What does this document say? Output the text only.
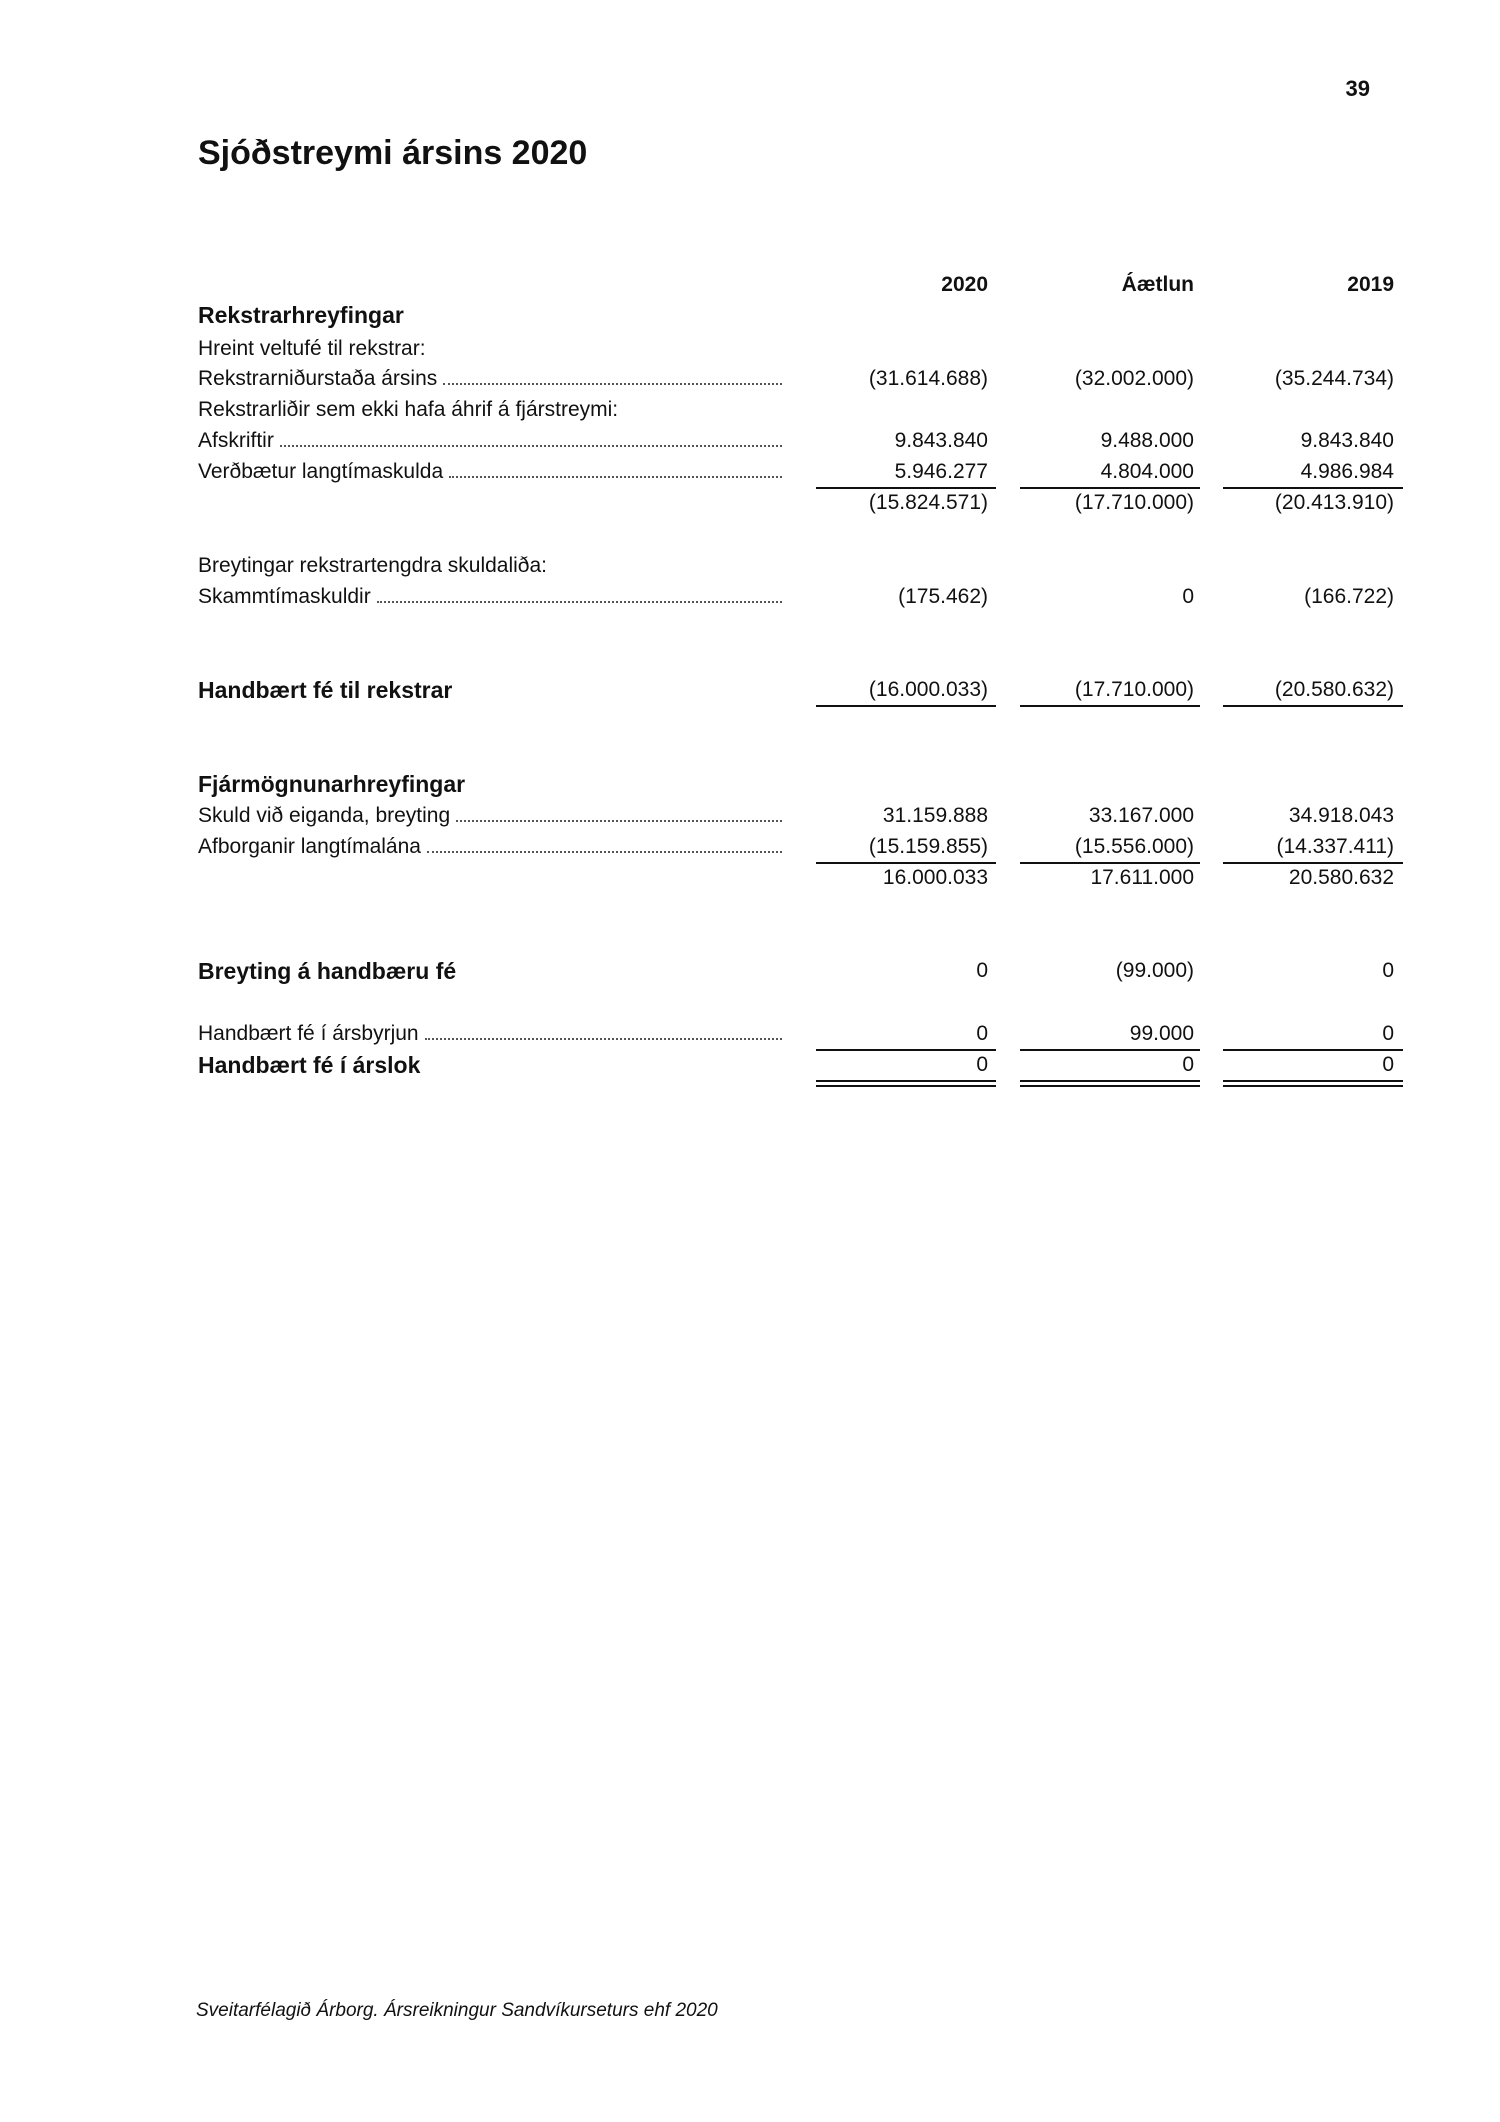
39
Sjóðstreymi ársins 2020
2020	Áætlun	2019
Rekstrarhreyfingar
Hreint veltufé til rekstrar:
Rekstrarniðurstaða ársins	(31.614.688)	(32.002.000)	(35.244.734)
Rekstrarliðir sem ekki hafa áhrif á fjárstreymi:
Afskriftir	9.843.840	9.488.000	9.843.840
Verðbætur langtímaskulda	5.946.277	4.804.000	4.986.984
(15.824.571)	(17.710.000)	(20.413.910)
Breytingar rekstrartengdra skuldaliða:
Skammtímaskuldir	(175.462)	0	(166.722)
Handbært fé til rekstrar	(16.000.033)	(17.710.000)	(20.580.632)
Fjármögnunarhreyfingar
Skuld við eiganda, breyting	31.159.888	33.167.000	34.918.043
Afborganir langtímalána	(15.159.855)	(15.556.000)	(14.337.411)
16.000.033	17.611.000	20.580.632
Breyting á handbæru fé	0	(99.000)	0
Handbært fé í ársbyrjun	0	99.000	0
Handbært fé í árslok	0	0	0
Sveitarfélagið Árborg. Ársreikningur Sandvíkurseturs ehf 2020
